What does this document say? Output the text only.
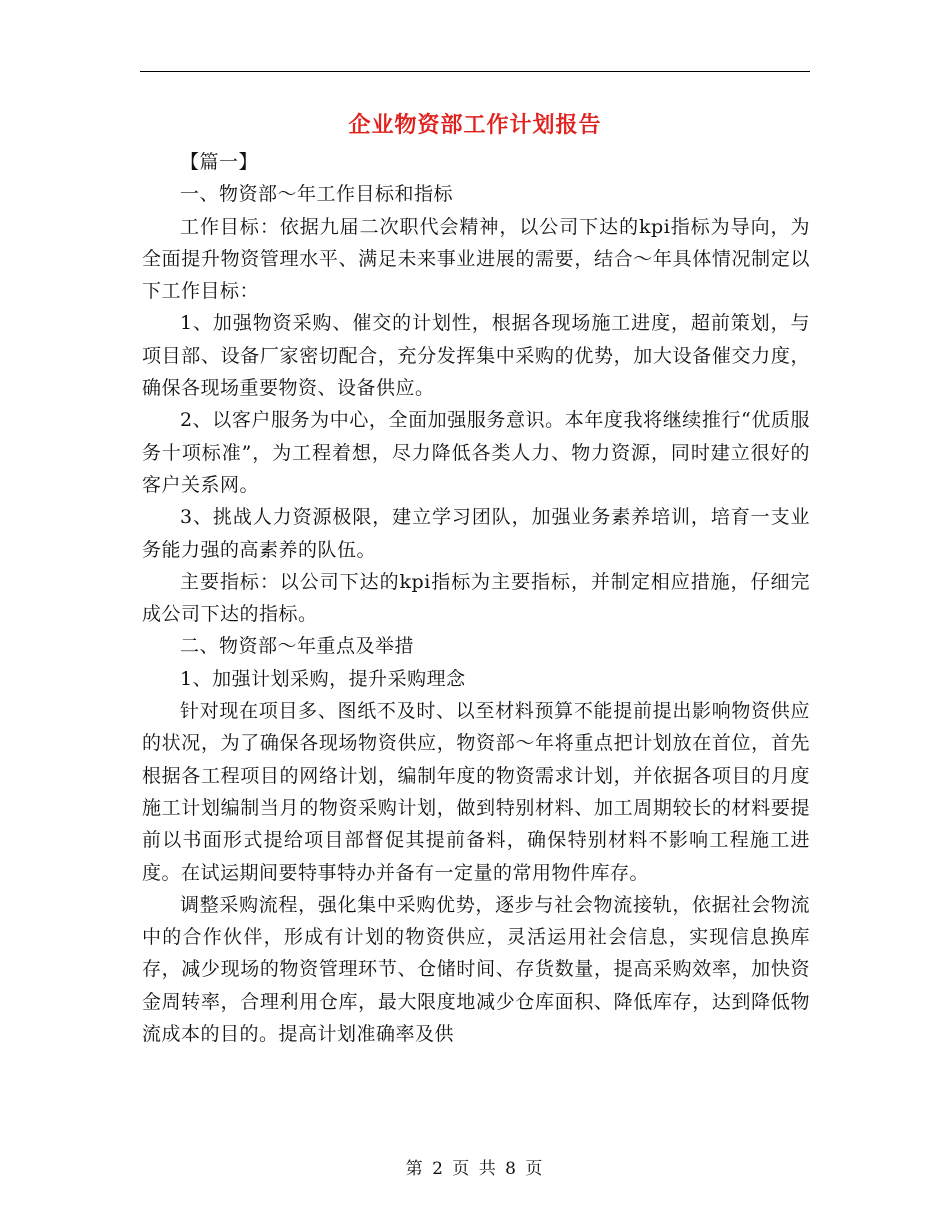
企业物资部工作计划报告

【篇一】

一、物资部～年工作目标和指标

工作目标：依据九届二次职代会精神，以公司下达的kpi指标为导向，为全面提升物资管理水平、满足未来事业进展的需要，结合～年具体情况制定以下工作目标：

1、加强物资采购、催交的计划性，根据各现场施工进度，超前策划，与项目部、设备厂家密切配合，充分发挥集中采购的优势，加大设备催交力度，确保各现场重要物资、设备供应。

2、以客户服务为中心，全面加强服务意识。本年度我将继续推行“优质服务十项标准”，为工程着想，尽力降低各类人力、物力资源，同时建立很好的客户关系网。

3、挑战人力资源极限，建立学习团队，加强业务素养培训，培育一支业务能力强的高素养的队伍。

主要指标：以公司下达的kpi指标为主要指标，并制定相应措施，仔细完成公司下达的指标。

二、物资部～年重点及举措

1、加强计划采购，提升采购理念

针对现在项目多、图纸不及时、以至材料预算不能提前提出影响物资供应的状况，为了确保各现场物资供应，物资部～年将重点把计划放在首位，首先根据各工程项目的网络计划，编制年度的物资需求计划，并依据各项目的月度施工计划编制当月的物资采购计划，做到特别材料、加工周期较长的材料要提前以书面形式提给项目部督促其提前备料，确保特别材料不影响工程施工进度。在试运期间要特事特办并备有一定量的常用物件库存。

调整采购流程，强化集中采购优势，逐步与社会物流接轨，依据社会物流中的合作伙伴，形成有计划的物资供应，灵活运用社会信息，实现信息换库存，减少现场的物资管理环节、仓储时间、存货数量，提高采购效率，加快资金周转率，合理利用仓库，最大限度地减少仓库面积、降低库存，达到降低物流成本的目的。提高计划准确率及供

第 2 页 共 8 页
